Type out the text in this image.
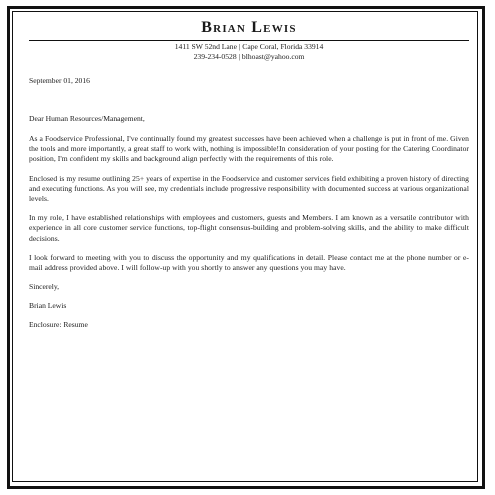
Brian Lewis
1411 SW 52nd Lane | Cape Coral, Florida 33914
239-234-0528 | blhoast@yahoo.com
September 01, 2016
Dear Human Resources/Management,
As a Foodservice Professional, I've continually found my greatest successes have been achieved when a challenge is put in front of me. Given the tools and more importantly, a great staff to work with, nothing is impossible!In consideration of your posting for the Catering Coordinator position, I'm confident my skills and background align perfectly with the requirements of this role.
Enclosed is my resume outlining 25+ years of expertise in the Foodservice and customer services field exhibiting a proven history of directing and executing functions. As you will see, my credentials include progressive responsibility with documented success at various organizational levels.
In my role, I have established relationships with employees and customers, guests and Members. I am known as a versatile contributor with experience in all core customer service functions, top-flight consensus-building and problem-solving skills, and the ability to make difficult decisions.
I look forward to meeting with you to discuss the opportunity and my qualifications in detail. Please contact me at the phone number or e-mail address provided above. I will follow-up with you shortly to answer any questions you may have.
Sincerely,
Brian Lewis
Enclosure: Resume
